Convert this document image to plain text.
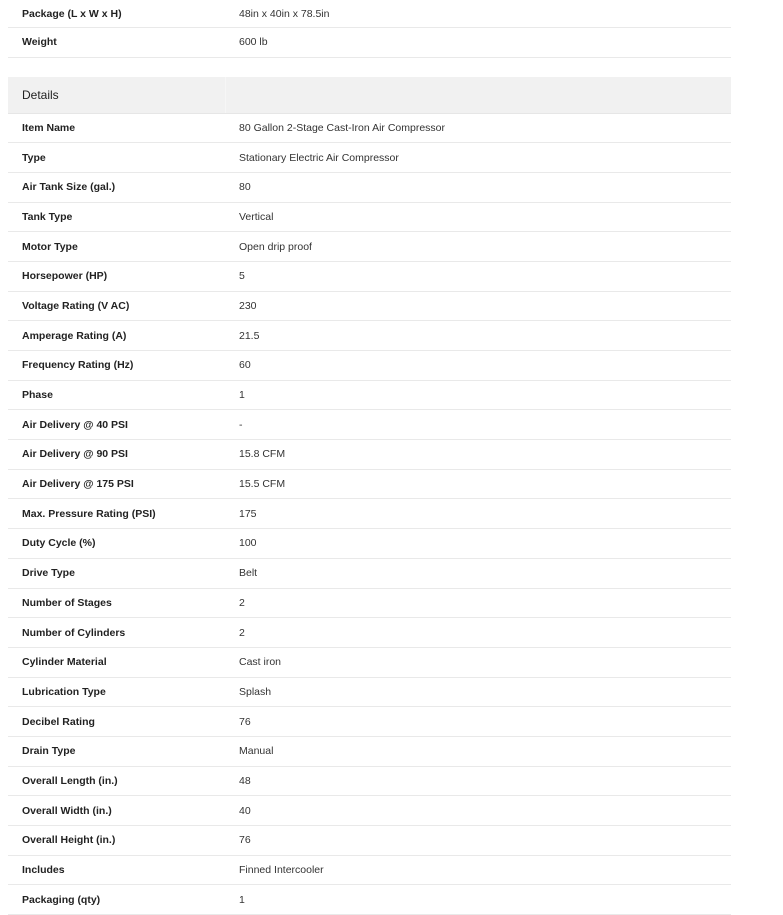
Package (L x W x H)	48in x 40in x 78.5in
Weight	600 lb
Details
Item Name	80 Gallon 2-Stage Cast-Iron Air Compressor
Type	Stationary Electric Air Compressor
Air Tank Size (gal.)	80
Tank Type	Vertical
Motor Type	Open drip proof
Horsepower (HP)	5
Voltage Rating (V AC)	230
Amperage Rating (A)	21.5
Frequency Rating (Hz)	60
Phase	1
Air Delivery @ 40 PSI	-
Air Delivery @ 90 PSI	15.8 CFM
Air Delivery @ 175 PSI	15.5 CFM
Max. Pressure Rating (PSI)	175
Duty Cycle (%)	100
Drive Type	Belt
Number of Stages	2
Number of Cylinders	2
Cylinder Material	Cast iron
Lubrication Type	Splash
Decibel Rating	76
Drain Type	Manual
Overall Length (in.)	48
Overall Width (in.)	40
Overall Height (in.)	76
Includes	Finned Intercooler
Packaging (qty)	1
